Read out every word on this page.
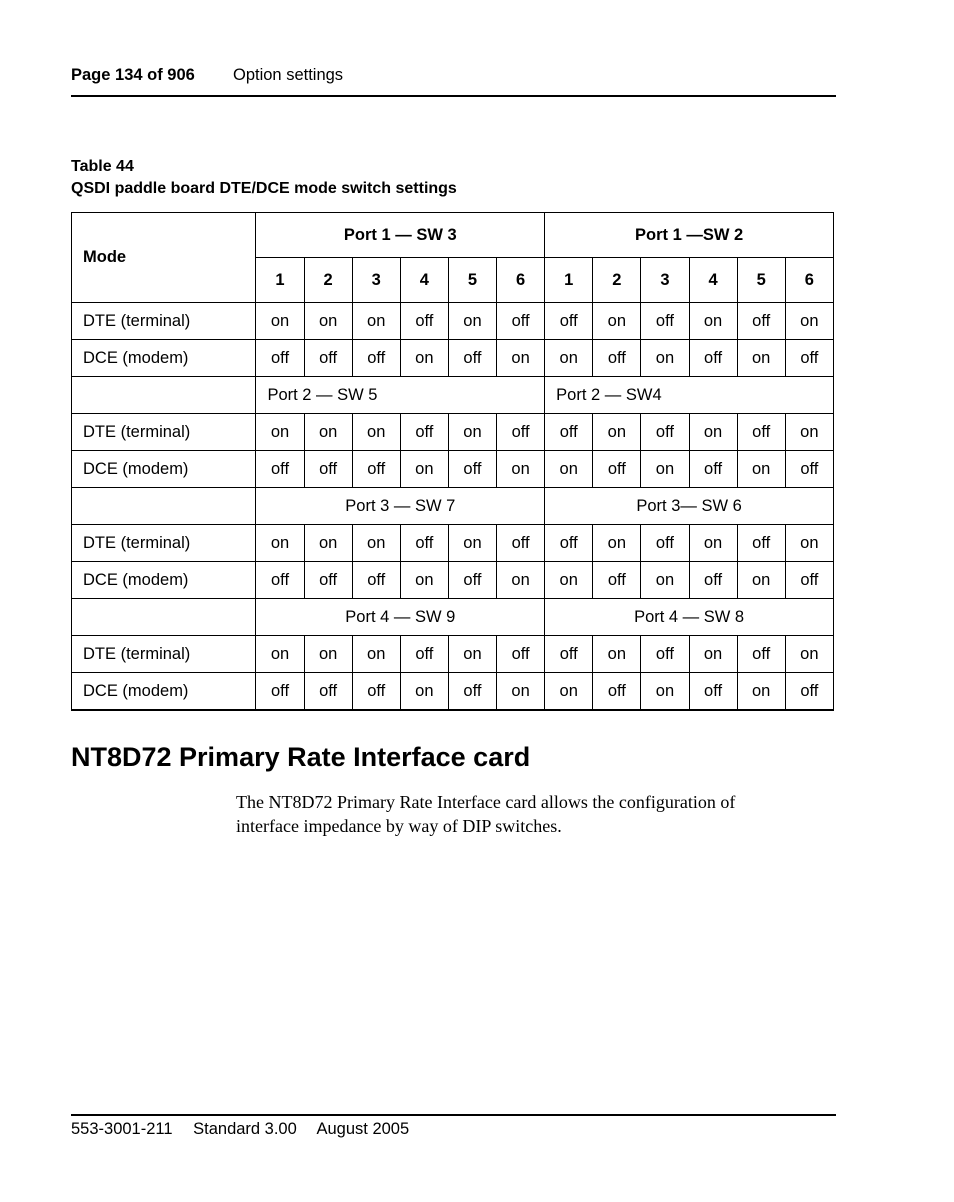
Page 134 of 906 Option settings
Table 44
QSDI paddle board DTE/DCE mode switch settings
Mode	Port 1 — SW 3						Port 1 —SW 2					
	1	2	3	4	5	6	1	2	3	4	5	6
DTE (terminal)	on	on	on	off	on	off	off	on	off	on	off	on
DCE (modem)	off	off	off	on	off	on	on	off	on	off	on	off
	Port 2 — SW 5						Port 2 — SW4					
DTE (terminal)	on	on	on	off	on	off	off	on	off	on	off	on
DCE (modem)	off	off	off	on	off	on	on	off	on	off	on	off
	Port 3 — SW 7						Port 3— SW 6					
DTE (terminal)	on	on	on	off	on	off	off	on	off	on	off	on
DCE (modem)	off	off	off	on	off	on	on	off	on	off	on	off
	Port 4 — SW 9						Port 4 — SW 8					
DTE (terminal)	on	on	on	off	on	off	off	on	off	on	off	on
DCE (modem)	off	off	off	on	off	on	on	off	on	off	on	off
NT8D72 Primary Rate Interface card

The NT8D72 Primary Rate Interface card allows the configuration of interface impedance by way of DIP switches.

553-3001-211 Standard 3.00 August 2005
